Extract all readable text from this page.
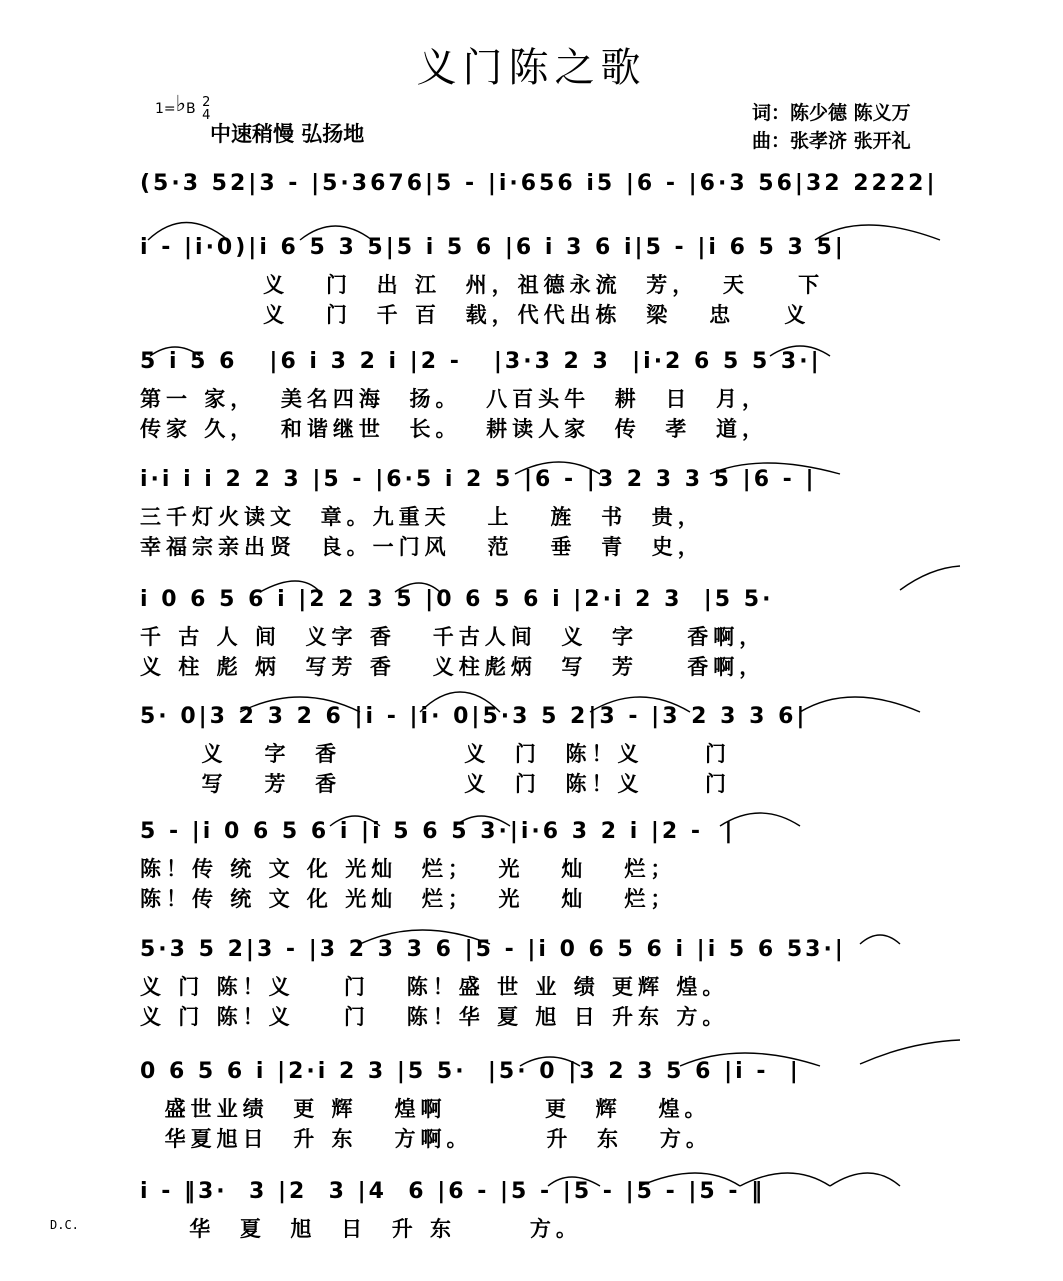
义门陈之歌
1=♭B 2
4
中速稍慢 弘扬地
词：陈少德 陈义万
曲：张孝济 张开礼
(5·3 52|3 - |5·3676|5 - |i·656 i5 |6 - |6·3 56|32 2222|
i - |i·0)|i 6 5 3 5|5 i 5 6 |6 i 3 6 i|5 - |i 6 5 3 5|
义   门  出 江  州，祖德永流  芳，  天    下
义   门  千 百  载，代代出栋  梁   忠    义
5 i 5 6   |6 i 3 2 i |2 -   |3·3 2 3  |i·2 6 5 5 3·|
第一 家，  美名四海  扬。  八百头牛  耕  日  月，
传家 久，  和谐继世  长。  耕读人家  传  孝  道，
i·i i i 2 2 3 |5 - |6·5 i 2 5 |6 - |3 2 3 3 5 |6 - |
三千灯火读文  章。九重天   上   旌  书  贵，
幸福宗亲出贤  良。一门风   范   垂  青  史，
i 0 6 5 6 i |2 2 3 5 |0 6 5 6 i |2·i 2 3  |5 5·
千 古 人 间  义字 香   千古人间  义  字    香啊，
义 柱 彪 炳  写芳 香   义柱彪炳  写  芳    香啊，
5· 0|3 2 3 2 6 |i - |i· 0|5·3 5 2|3 - |3 2 3 3 6|
义   字  香          义  门  陈！义     门
写   芳  香          义  门  陈！义     门
5 - |i 0 6 5 6 i |i 5 6 5 3·|i·6 3 2 i |2 -  |
陈！传 统 文 化 光灿  烂；  光   灿   烂；
陈！传 统 文 化 光灿  烂；  光   灿   烂；
5·3 5 2|3 - |3 2 3 3 6 |5 - |i 0 6 5 6 i |i 5 6 53·|
义 门 陈！义    门   陈！盛 世 业 绩 更辉 煌。
义 门 陈！义    门   陈！华 夏 旭 日 升东 方。
0 6 5 6 i |2·i 2 3 |5 5·  |5· 0 |3 2 3 5 6 |i -  |
盛世业绩  更 辉   煌啊        更  辉   煌。
华夏旭日  升 东   方啊。      升  东   方。
i - ‖3·  3 |2  3 |4  6 |6 - |5 - |5 - |5 - |5 - ‖
华  夏  旭  日  升 东      方。
D.C.
